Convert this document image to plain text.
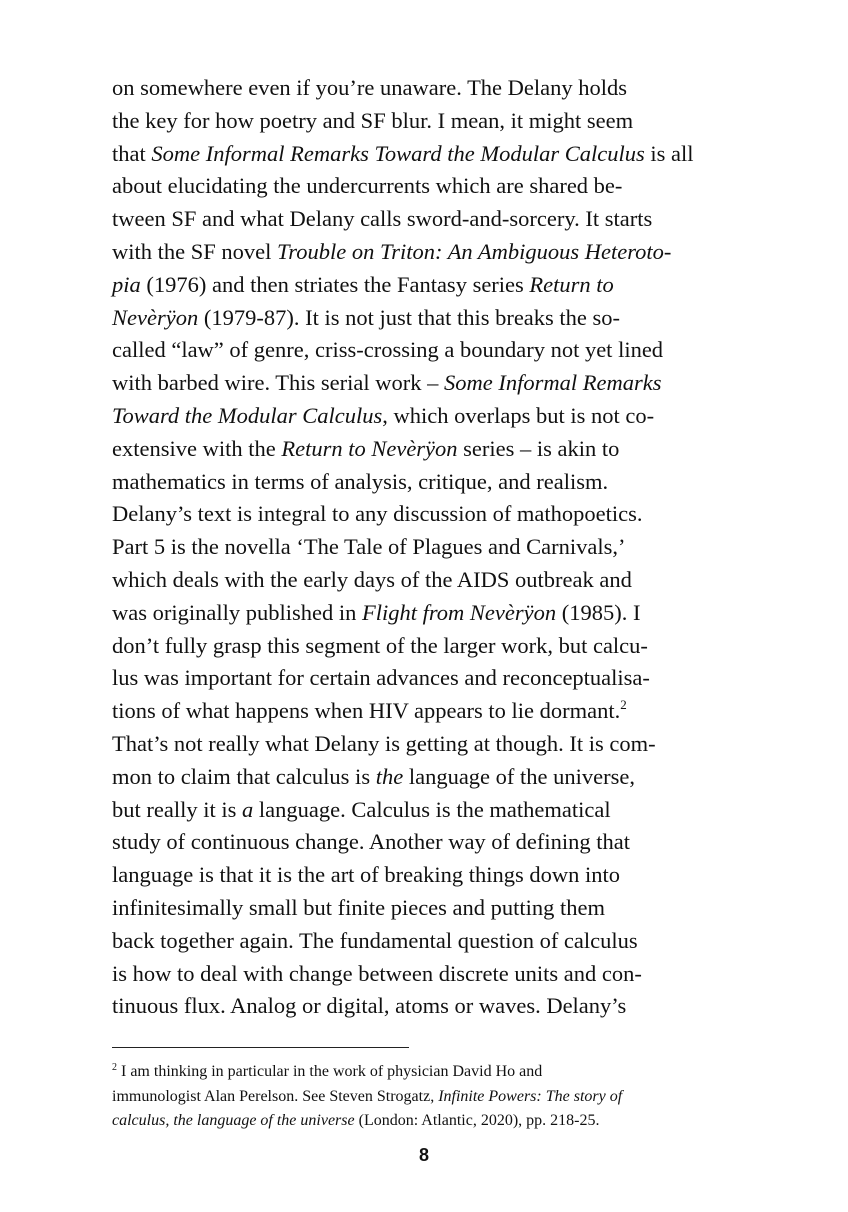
on somewhere even if you’re unaware. The Delany holds
the key for how poetry and SF blur. I mean, it might seem
that Some Informal Remarks Toward the Modular Calculus is all
about elucidating the undercurrents which are shared be-
tween SF and what Delany calls sword-and-sorcery. It starts
with the SF novel Trouble on Triton: An Ambiguous Heteroto-
pia (1976) and then striates the Fantasy series Return to
Nevèrÿon (1979-87). It is not just that this breaks the so-
called “law” of genre, criss-crossing a boundary not yet lined
with barbed wire. This serial work – Some Informal Remarks
Toward the Modular Calculus, which overlaps but is not co-
extensive with the Return to Nevèrÿon series – is akin to
mathematics in terms of analysis, critique, and realism.
Delany’s text is integral to any discussion of mathopoetics.
Part 5 is the novella ‘The Tale of Plagues and Carnivals,’
which deals with the early days of the AIDS outbreak and
was originally published in Flight from Nevèrÿon (1985). I
don’t fully grasp this segment of the larger work, but calcu-
lus was important for certain advances and reconceptualisa-
tions of what happens when HIV appears to lie dormant.$^2$
That’s not really what Delany is getting at though. It is com-
mon to claim that calculus is the language of the universe,
but really it is a language. Calculus is the mathematical
study of continuous change. Another way of defining that
language is that it is the art of breaking things down into
infinitesimally small but finite pieces and putting them
back together again. The fundamental question of calculus
is how to deal with change between discrete units and con-
tinuous flux. Analog or digital, atoms or waves. Delany’s
$^2$ I am thinking in particular in the work of physician David Ho and
immunologist Alan Perelson. See Steven Strogatz, Infinite Powers: The story of
calculus, the language of the universe (London: Atlantic, 2020), pp. 218-25.
8
